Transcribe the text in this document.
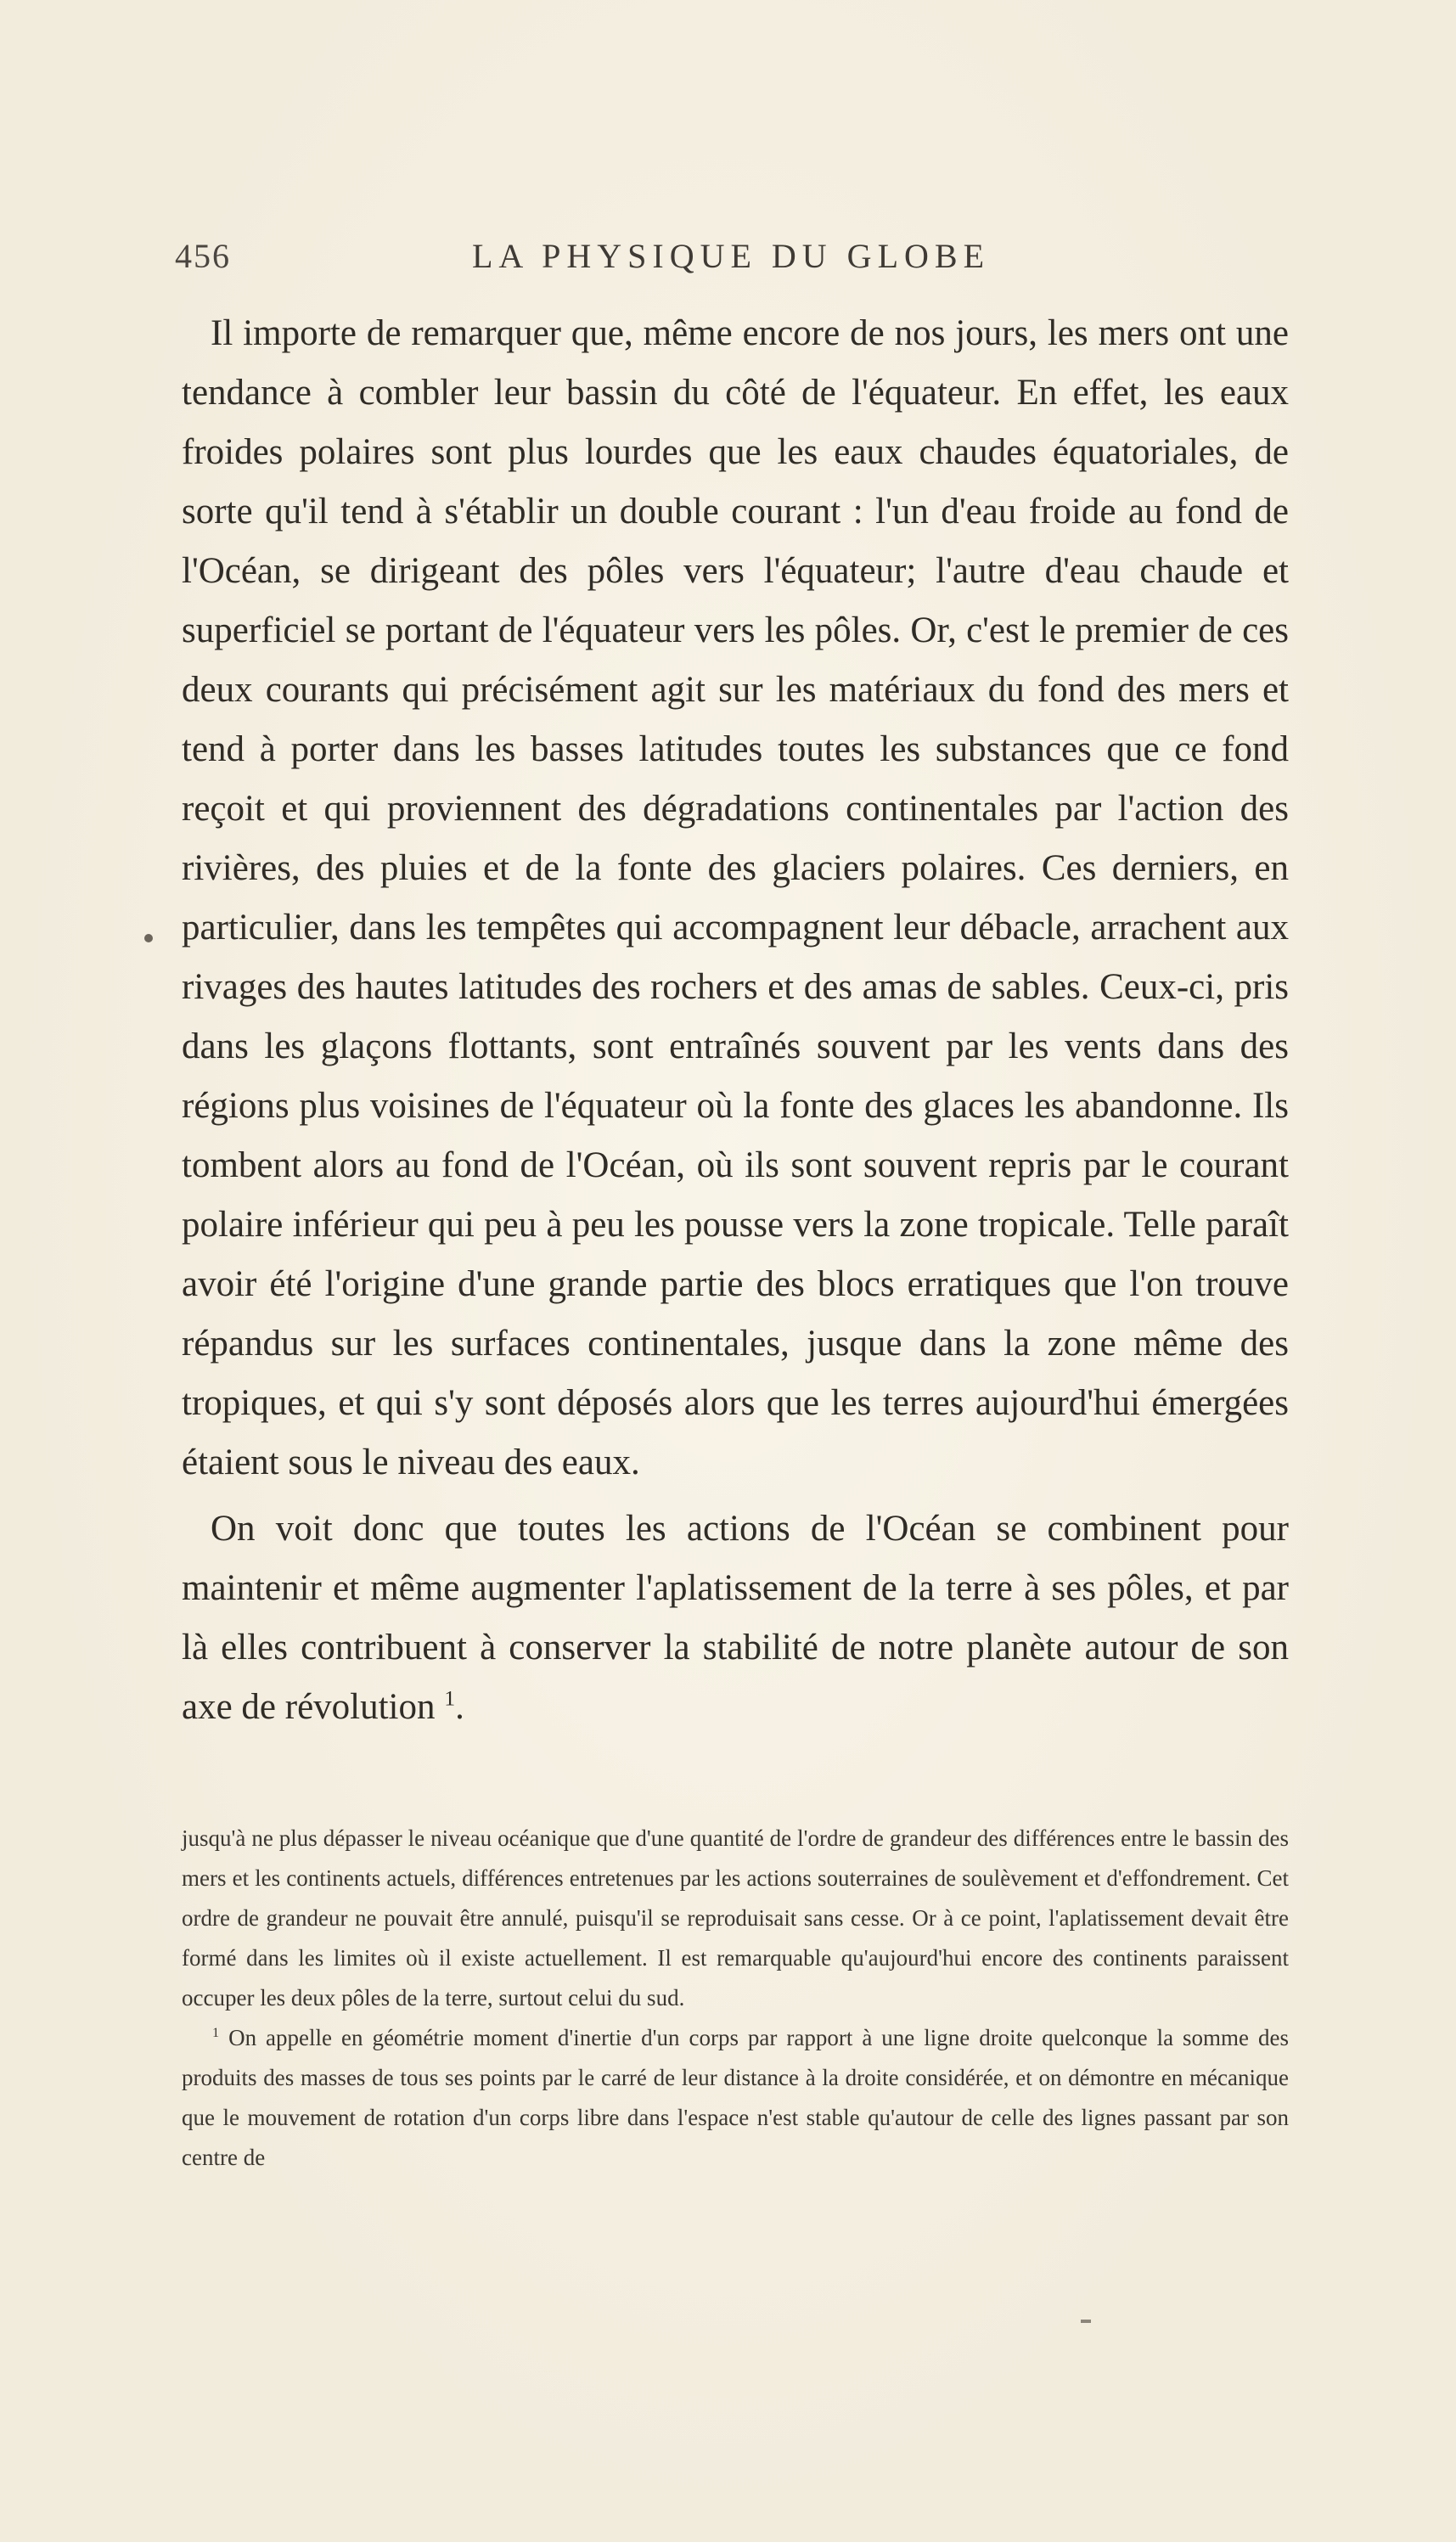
456	LA PHYSIQUE DU GLOBE

Il importe de remarquer que, même encore de nos jours, les mers ont une tendance à combler leur bassin du côté de l'équateur. En effet, les eaux froides polaires sont plus lourdes que les eaux chaudes équatoriales, de sorte qu'il tend à s'établir un double courant : l'un d'eau froide au fond de l'Océan, se dirigeant des pôles vers l'équateur; l'autre d'eau chaude et superficiel se portant de l'équateur vers les pôles. Or, c'est le premier de ces deux courants qui précisément agit sur les matériaux du fond des mers et tend à porter dans les basses latitudes toutes les substances que ce fond reçoit et qui proviennent des dégradations continentales par l'action des rivières, des pluies et de la fonte des glaciers polaires. Ces derniers, en particulier, dans les tempêtes qui accompagnent leur débacle, arrachent aux rivages des hautes latitudes des rochers et des amas de sables. Ceux-ci, pris dans les glaçons flottants, sont entraînés souvent par les vents dans des régions plus voisines de l'équateur où la fonte des glaces les abandonne. Ils tombent alors au fond de l'Océan, où ils sont souvent repris par le courant polaire inférieur qui peu à peu les pousse vers la zone tropicale. Telle paraît avoir été l'origine d'une grande partie des blocs erratiques que l'on trouve répandus sur les surfaces continentales, jusque dans la zone même des tropiques, et qui s'y sont déposés alors que les terres aujourd'hui émergées étaient sous le niveau des eaux.

On voit donc que toutes les actions de l'Océan se combinent pour maintenir et même augmenter l'aplatissement de la terre à ses pôles, et par là elles contribuent à conserver la stabilité de notre planète autour de son axe de révolution $^1$.

jusqu'à ne plus dépasser le niveau océanique que d'une quantité de l'ordre de grandeur des différences entre le bassin des mers et les continents actuels, différences entretenues par les actions souterraines de soulèvement et d'effondrement. Cet ordre de grandeur ne pouvait être annulé, puisqu'il se reproduisait sans cesse. Or à ce point, l'aplatissement devait être formé dans les limites où il existe actuellement. Il est remarquable qu'aujourd'hui encore des continents paraissent occuper les deux pôles de la terre, surtout celui du sud.

$^1$ On appelle en géométrie moment d'inertie d'un corps par rapport à une ligne droite quelconque la somme des produits des masses de tous ses points par le carré de leur distance à la droite considérée, et on démontre en mécanique que le mouvement de rotation d'un corps libre dans l'espace n'est stable qu'autour de celle des lignes passant par son centre de
